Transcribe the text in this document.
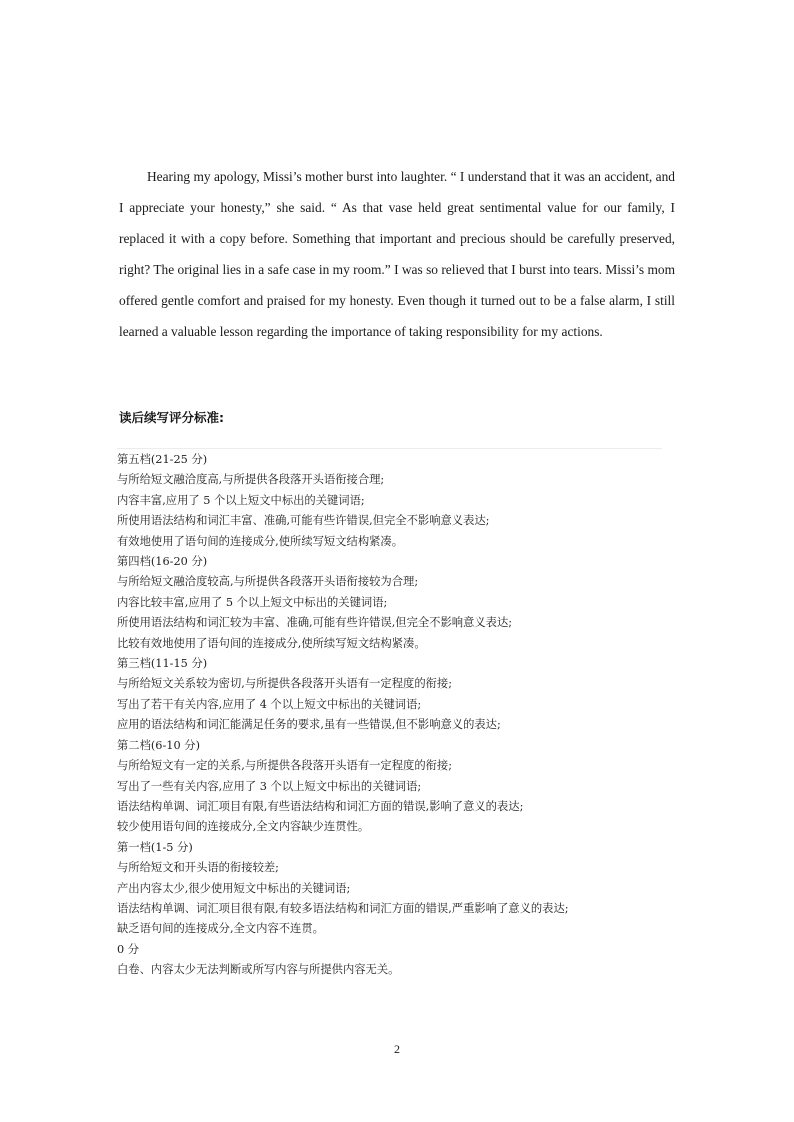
Hearing my apology, Missi’s mother burst into laughter. “ I understand that it was an accident, and I appreciate your honesty,” she said. “ As that vase held great sentimental value for our family, I replaced it with a copy before. Something that important and precious should be carefully preserved, right? The original lies in a safe case in my room.” I was so relieved that I burst into tears. Missi’s mom offered gentle comfort and praised for my honesty. Even though it turned out to be a false alarm, I still learned a valuable lesson regarding the importance of taking responsibility for my actions.

读后续写评分标准:

第五档(21-25 分)
与所给短文融洽度高,与所提供各段落开头语衔接合理;
内容丰富,应用了 5 个以上短文中标出的关键词语;
所使用语法结构和词汇丰富、准确,可能有些许错误,但完全不影响意义表达;
有效地使用了语句间的连接成分,使所续写短文结构紧凑。
第四档(16-20 分)
与所给短文融洽度较高,与所提供各段落开头语衔接较为合理;
内容比较丰富,应用了 5 个以上短文中标出的关键词语;
所使用语法结构和词汇较为丰富、准确,可能有些许错误,但完全不影响意义表达;
比较有效地使用了语句间的连接成分,使所续写短文结构紧凑。
第三档(11-15 分)
与所给短文关系较为密切,与所提供各段落开头语有一定程度的衔接;
写出了若干有关内容,应用了 4 个以上短文中标出的关键词语;
应用的语法结构和词汇能满足任务的要求,虽有一些错误,但不影响意义的表达;
第二档(6-10 分)
与所给短文有一定的关系,与所提供各段落开头语有一定程度的衔接;
写出了一些有关内容,应用了 3 个以上短文中标出的关键词语;
语法结构单调、词汇项目有限,有些语法结构和词汇方面的错误,影响了意义的表达;
较少使用语句间的连接成分,全文内容缺少连贯性。
第一档(1-5 分)
与所给短文和开头语的衔接较差;
产出内容太少,很少使用短文中标出的关键词语;
语法结构单调、词汇项目很有限,有较多语法结构和词汇方面的错误,严重影响了意义的表达;
缺乏语句间的连接成分,全文内容不连贯。
0 分
白卷、内容太少无法判断或所写内容与所提供内容无关。
2
